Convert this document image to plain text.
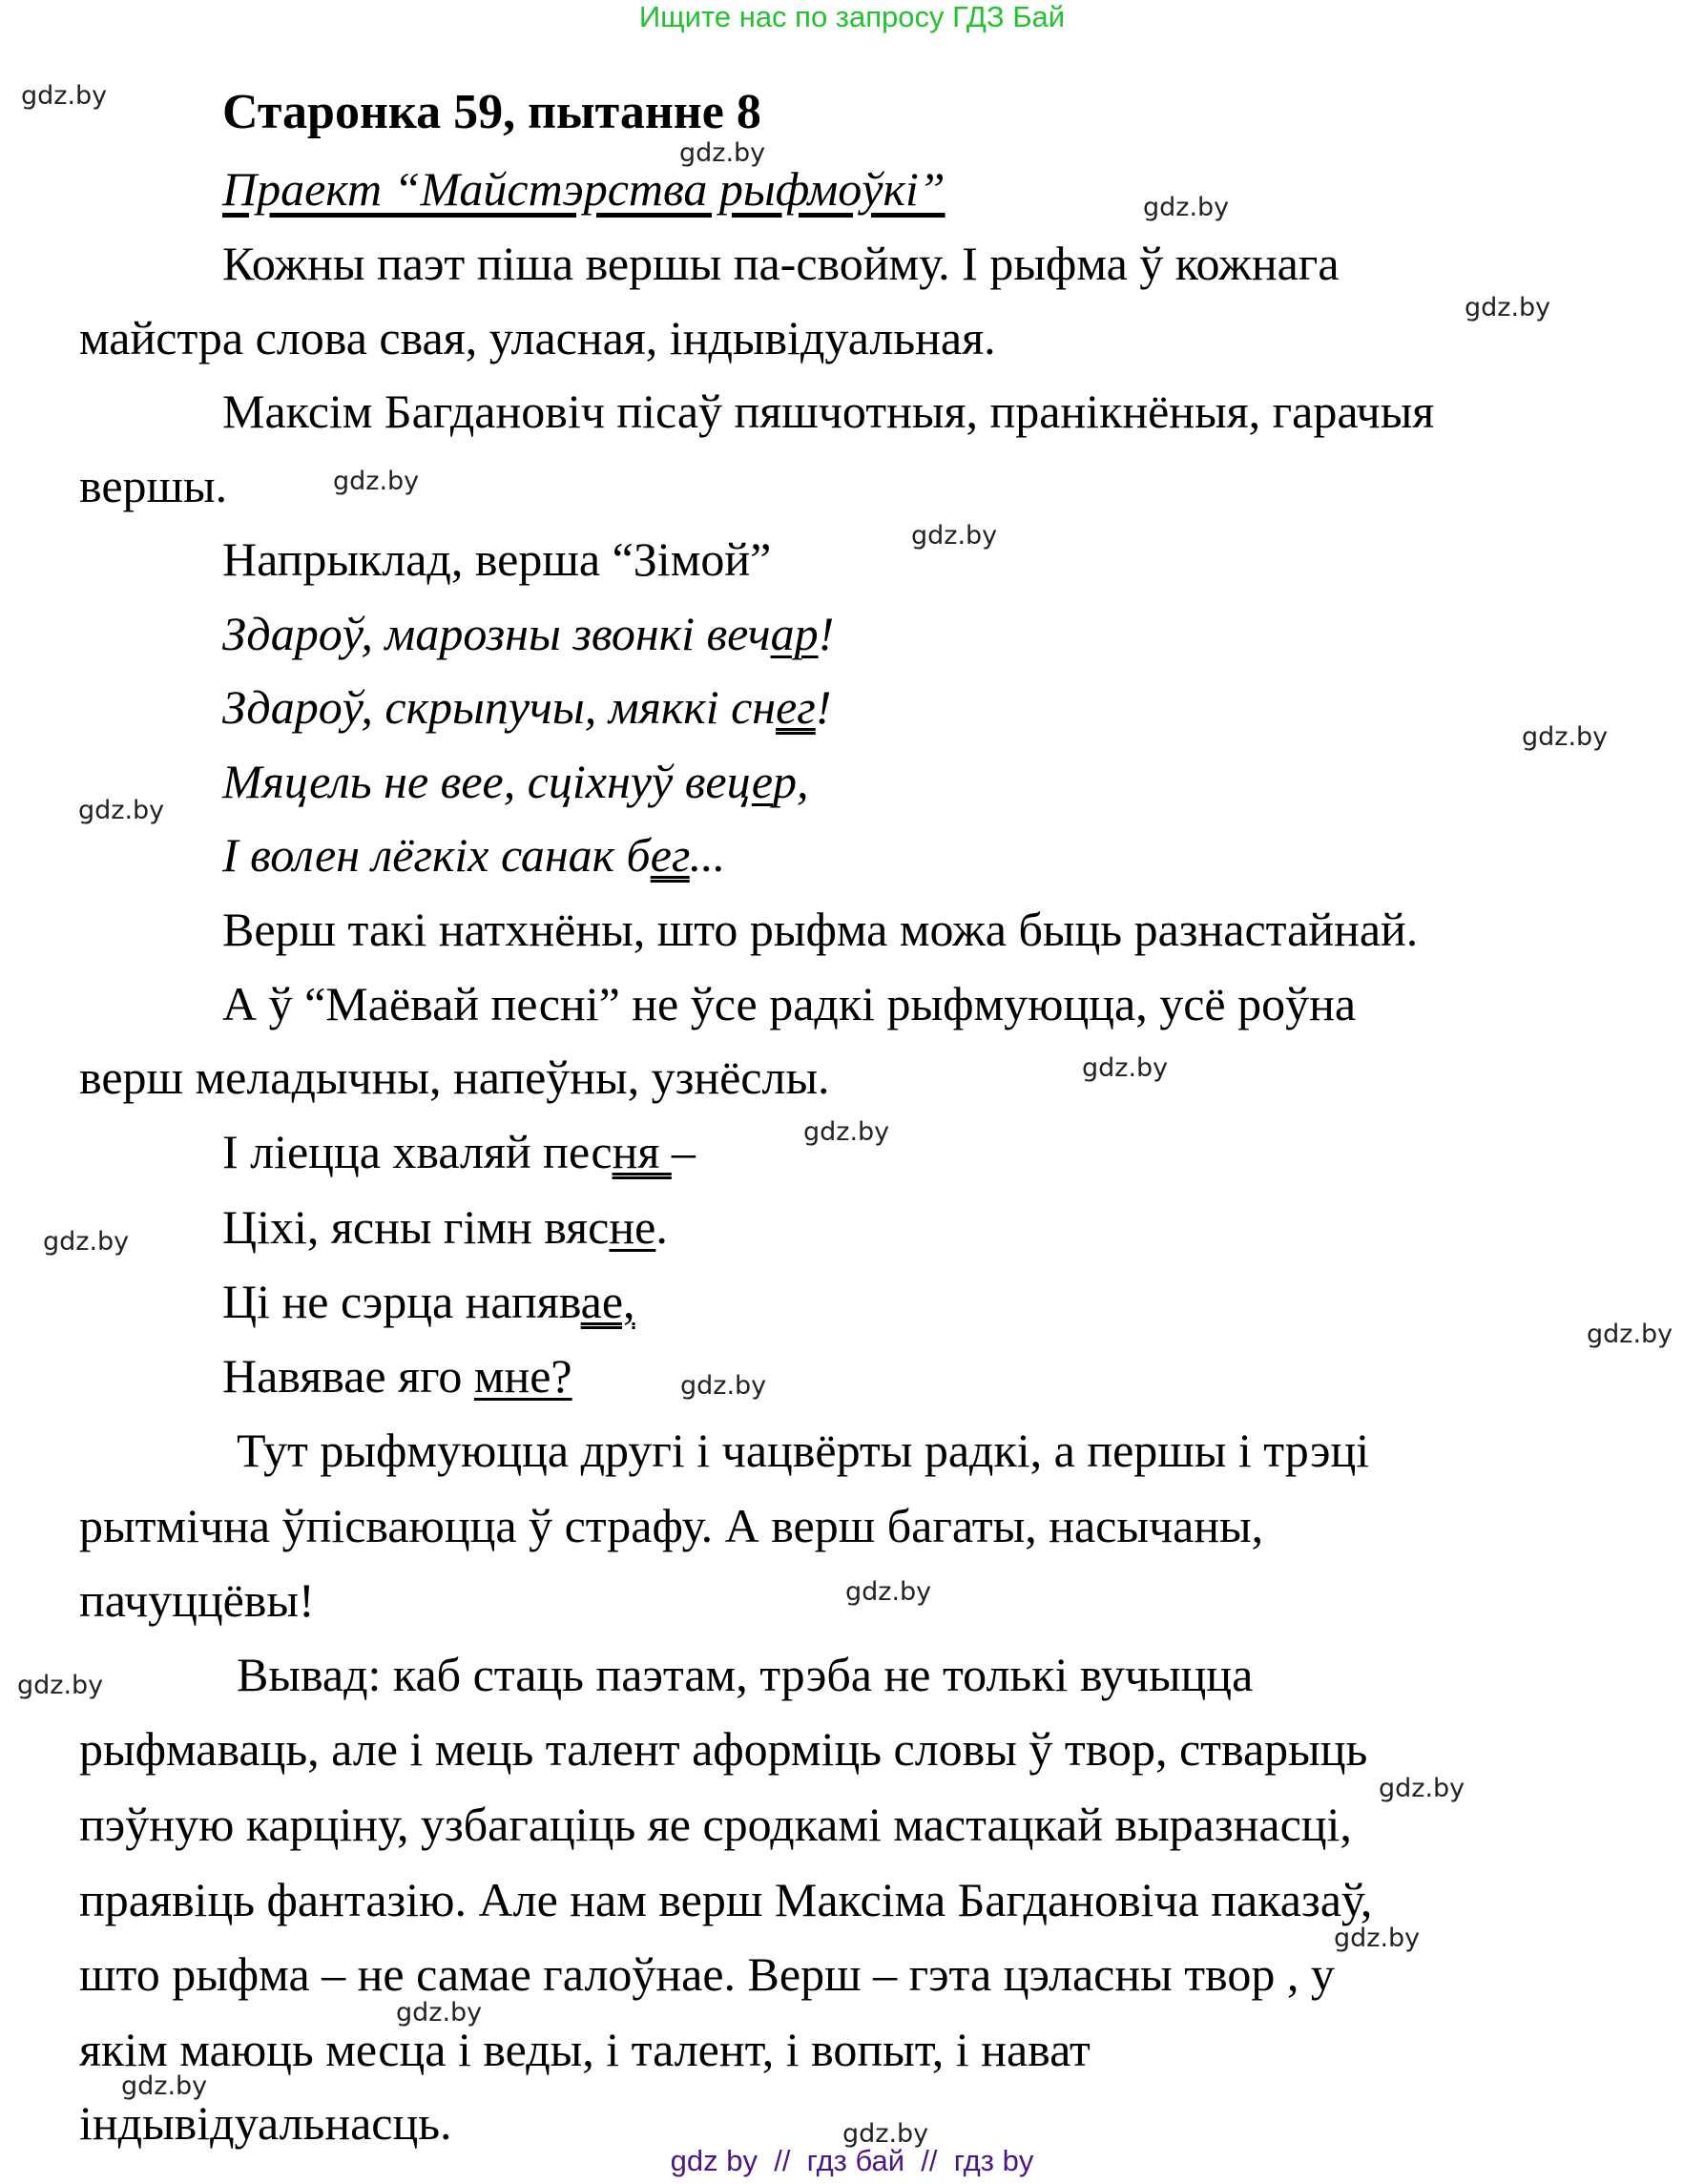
Ищите нас по запросу ГДЗ Бай
gdz.by
gdz.by
gdz.by
gdz.by
gdz.by
gdz.by
gdz.by
gdz.by
gdz.by
gdz.by
gdz.by
gdz.by
gdz.by
gdz.by
gdz.by
gdz.by
gdz.by
gdz.by
gdz.by
gdz.by
Старонка 59, пытанне 8
Праект “Майстэрства рыфмоўкі”
Кожны паэт піша вершы па-свойму. І рыфма ў кожнага
майстра слова свая, уласная, індывідуальная.
Максім Багдановіч пісаў пяшчотныя, пранікнёныя, гарачыя
вершы.
Напрыклад, верша “Зімой”
Здароў, марозны звонкі вечар!
Здароў, скрыпучы, мяккі снег!
Мяцель не вее, сціхнуў вецер,
І волен лёгкіх санак бег...
Верш такі натхнёны, што рыфма можа быць разнастайнай.
А ў “Маёвай песні” не ўсе радкі рыфмуюцца, усё роўна
верш меладычны, напеўны, узнёслы.
І ліецца хваляй песня –
Ціхі, ясны гімн вясне.
Ці не сэрца напявае,
Навявае яго мне?
Тут рыфмуюцца другі і чацвёрты радкі, а першы і трэці
рытмічна ўпісваюцца ў страфу. А верш багаты, насычаны,
пачуццёвы!
Вывад: каб стаць паэтам, трэба не толькі вучыцца
рыфмаваць, але і мець талент аформіць словы ў твор, стварыць
пэўную карціну, узбагаціць яе сродкамі мастацкай выразнасці,
праявіць фантазію. Але нам верш Максіма Багдановіча паказаў,
што рыфма – не самае галоўнае. Верш – гэта цэласны твор , у
якім маюць месца і веды, і талент, і вопыт, і нават
індывідуальнасць.
gdz by  //  гдз бай  //  гдз by
